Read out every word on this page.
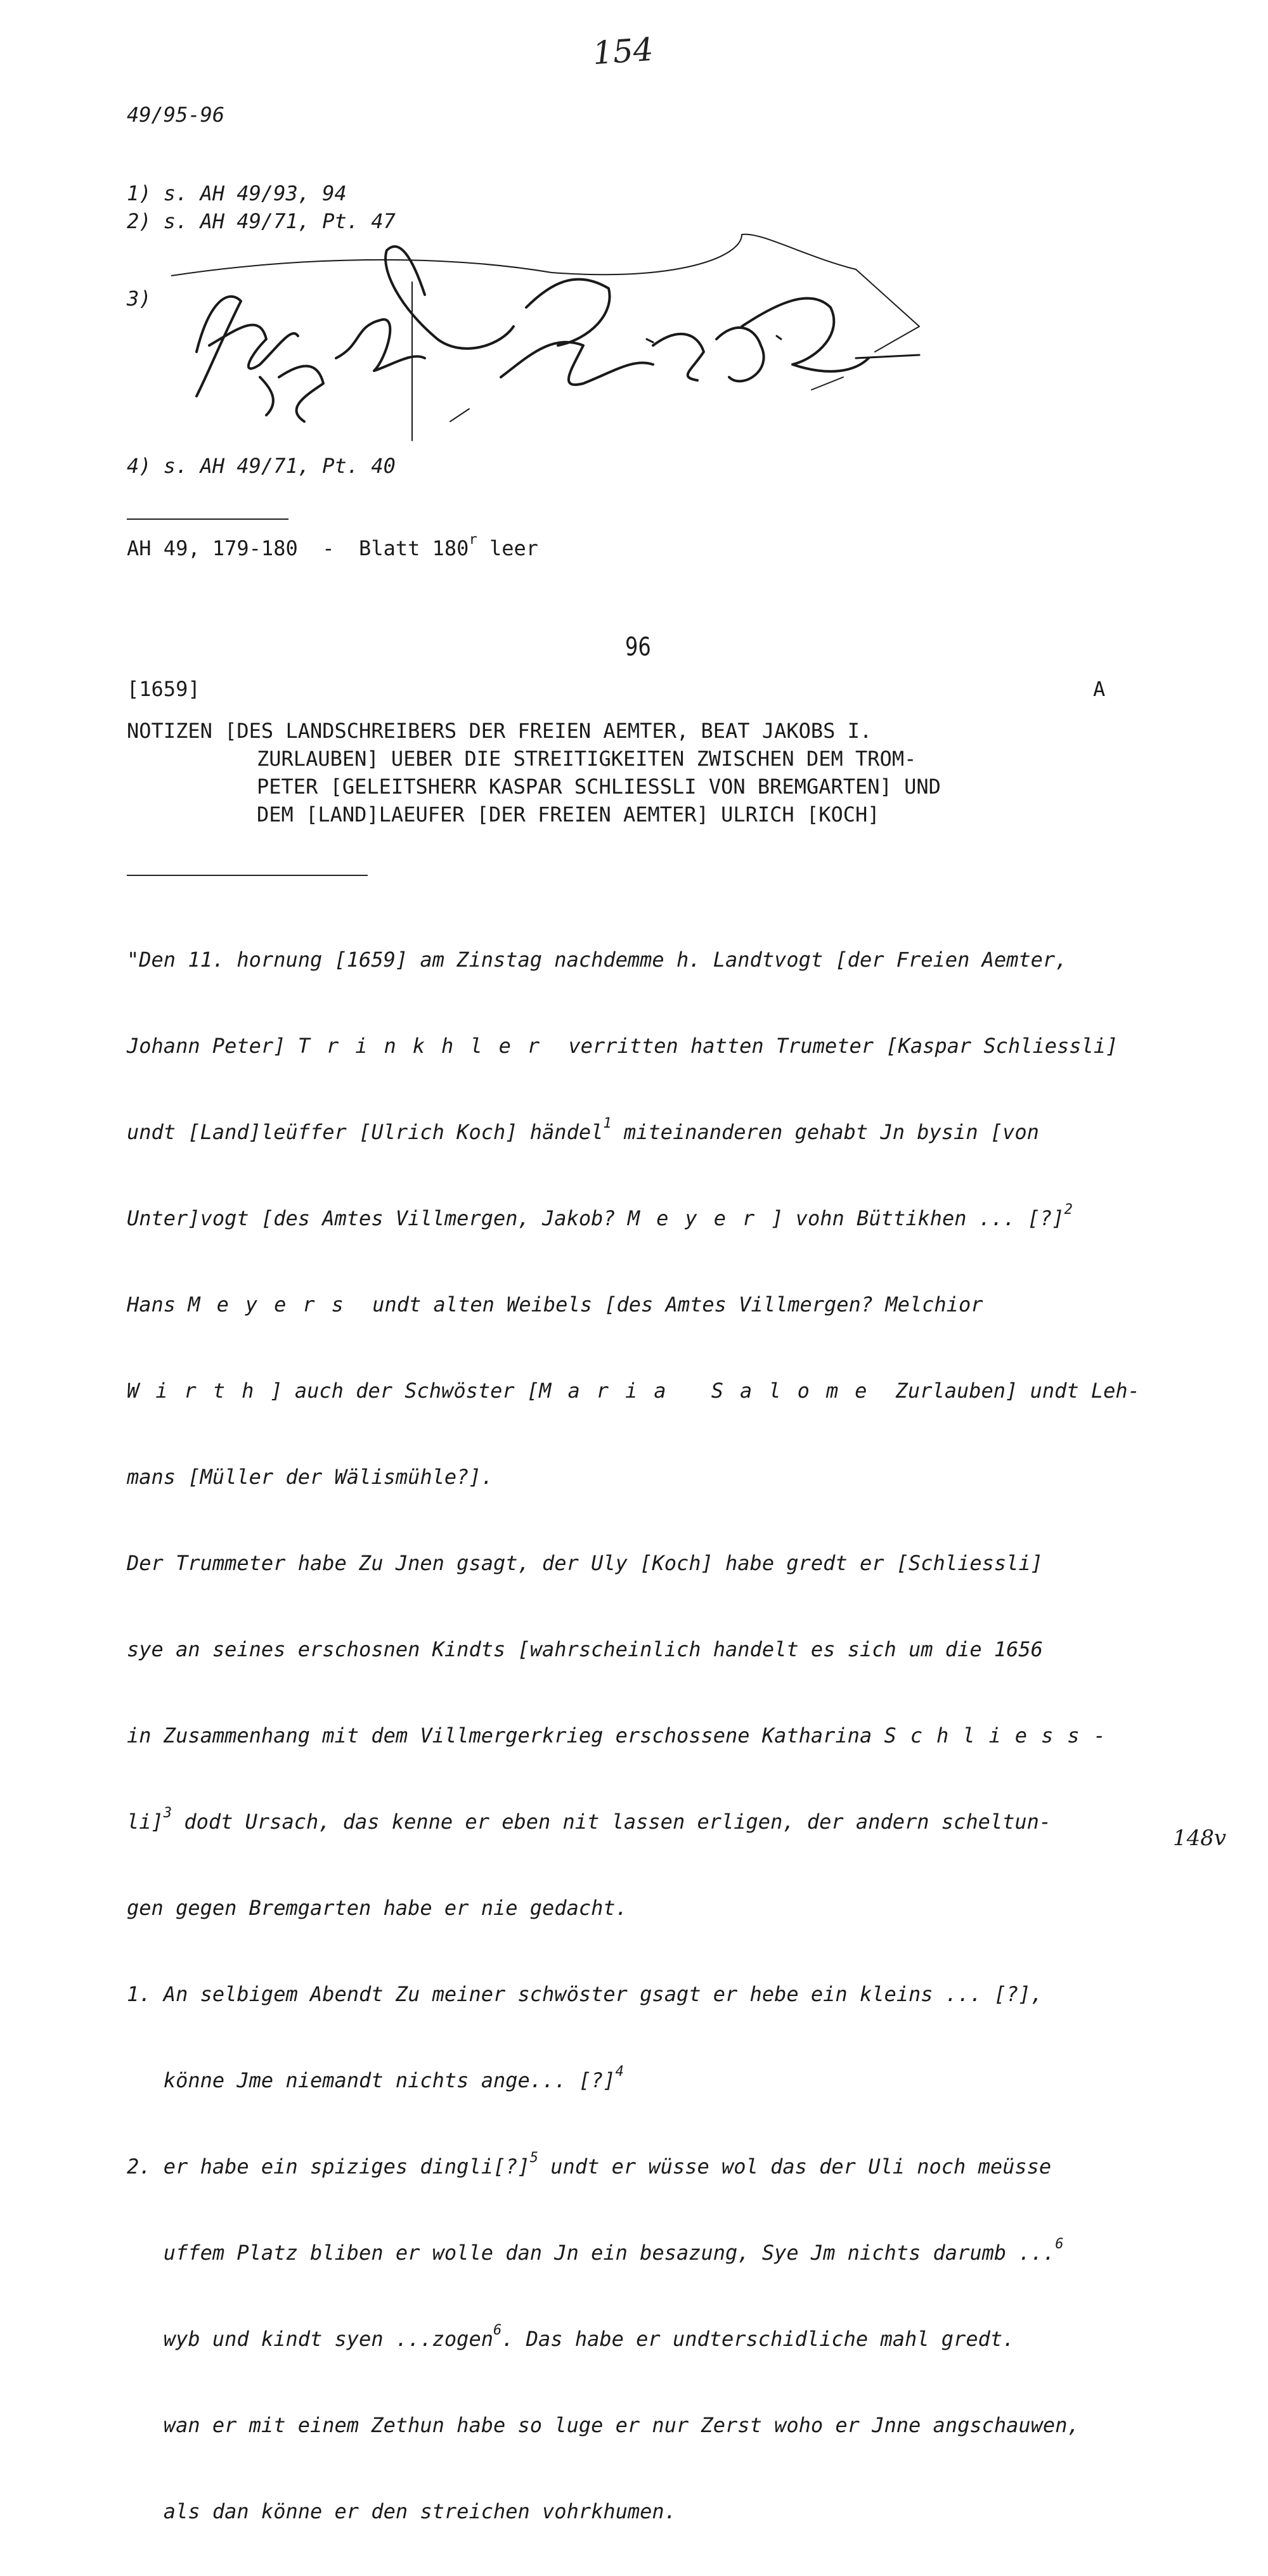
154
49/95-96
1) s. AH 49/93, 94
2) s. AH 49/71, Pt. 47
3)
4) s. AH 49/71, Pt. 40
AH 49, 179-180  -  Blatt 180$^r$ leer
96
[1659]	A
NOTIZEN [DES LANDSCHREIBERS DER FREIEN AEMTER, BEAT JAKOBS I.
ZURLAUBEN] UEBER DIE STREITIGKEITEN ZWISCHEN DEM TROM-
PETER [GELEITSHERR KASPAR SCHLIESSLI VON BREMGARTEN] UND
DEM [LAND]LAEUFER [DER FREIEN AEMTER] ULRICH [KOCH]

"Den 11. hornung [1659] am Zinstag nachdemme h. Landtvogt [der Freien Aemter,

Johann Peter] Trinkhler verritten hatten Trumeter [Kaspar Schliessli]

undt [Land]leüffer [Ulrich Koch] händel$^1$ miteinanderen gehabt Jn bysin [von

Unter]vogt [des Amtes Villmergen, Jakob? Meyer] vohn Büttikhen ... [?]$^2$

Hans Meyers undt alten Weibels [des Amtes Villmergen? Melchior

Wirth] auch der Schwöster [Maria Salome Zurlauben] undt Leh-

mans [Müller der Wälismühle?].

Der Trummeter habe Zu Jnen gsagt, der Uly [Koch] habe gredt er [Schliessli]

sye an seines erschosnen Kindts [wahrscheinlich handelt es sich um die 1656

in Zusammenhang mit dem Villmergerkrieg erschossene Katharina Schliess-

li]$^3$ dodt Ursach, das kenne er eben nit lassen erligen, der andern scheltun-

gen gegen Bremgarten habe er nie gedacht.

1. An selbigem Abendt Zu meiner schwöster gsagt er hebe ein kleins ... [?],

könne Jme niemandt nichts ange... [?]$^4$

2. er habe ein spiziges dingli[?]$^5$ undt er wüsse wol das der Uli noch meüsse

uffem Platz bliben er wolle dan Jn ein besazung, Sye Jm nichts darumb ...$^6$

wyb und kindt syen ...zogen$^6$. Das habe er undterschidliche mahl gredt.

wan er mit einem Zethun habe so luge er nur Zerst woho er Jnne angschauwen,

als dan könne er den streichen vohrkhumen.

148v
